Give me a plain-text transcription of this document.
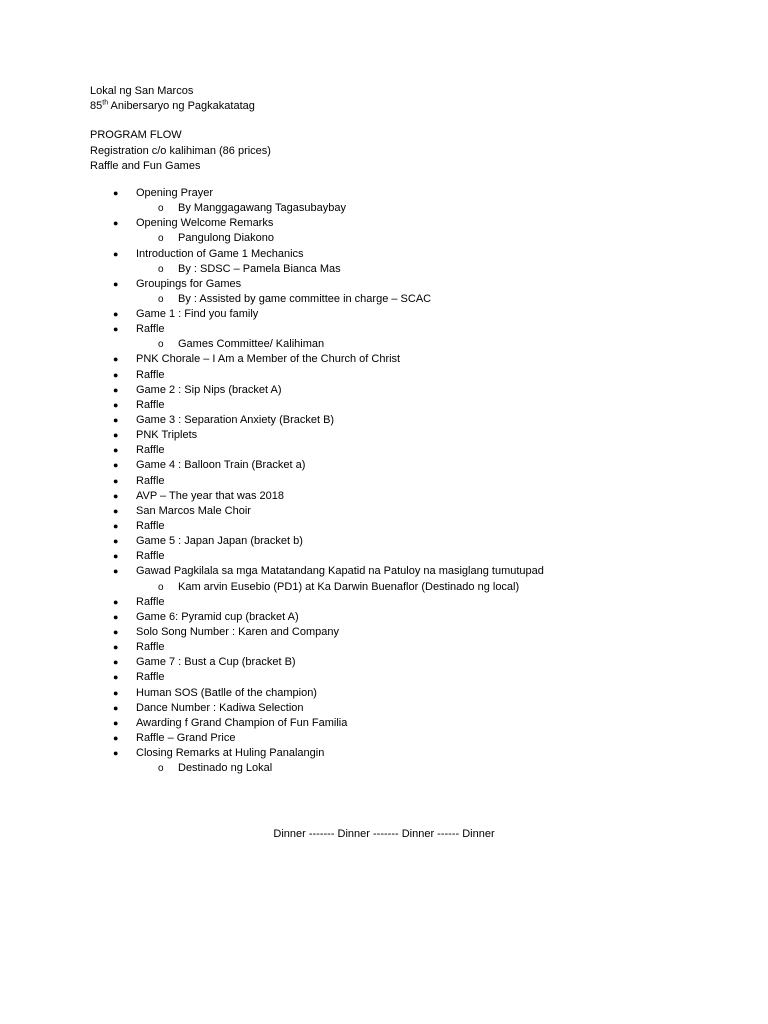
Lokal ng San Marcos
85th Anibersaryo ng Pagkakatatag
PROGRAM FLOW
Registration c/o kalihiman (86 prices)
Raffle and Fun Games
● Opening Prayer
o By Manggagawang Tagasubaybay
● Opening Welcome Remarks
o Pangulong Diakono
● Introduction of Game 1 Mechanics
o By : SDSC – Pamela Bianca Mas
● Groupings for Games
o By : Assisted by game committee in charge – SCAC
● Game 1 : Find you family
● Raffle
o Games Committee/ Kalihiman
● PNK Chorale – I Am a Member of the Church of Christ
● Raffle
● Game 2 : Sip Nips (bracket A)
● Raffle
● Game 3 : Separation Anxiety (Bracket B)
● PNK Triplets
● Raffle
● Game 4 : Balloon Train (Bracket a)
● Raffle
● AVP – The year that was 2018
● San Marcos Male Choir
● Raffle
● Game 5 : Japan Japan (bracket b)
● Raffle
● Gawad Pagkilala sa mga Matatandang Kapatid na Patuloy na masiglang tumutupad
o Kam arvin Eusebio (PD1) at Ka Darwin Buenaflor (Destinado ng local)
● Raffle
● Game 6: Pyramid cup (bracket A)
● Solo Song Number : Karen and Company
● Raffle
● Game 7 : Bust a Cup (bracket B)
● Raffle
● Human SOS (Batlle of the champion)
● Dance Number : Kadiwa Selection
● Awarding f Grand Champion of Fun Familia
● Raffle – Grand Price
● Closing Remarks at Huling Panalangin
o Destinado ng Lokal
Dinner ------- Dinner ------- Dinner ------ Dinner
